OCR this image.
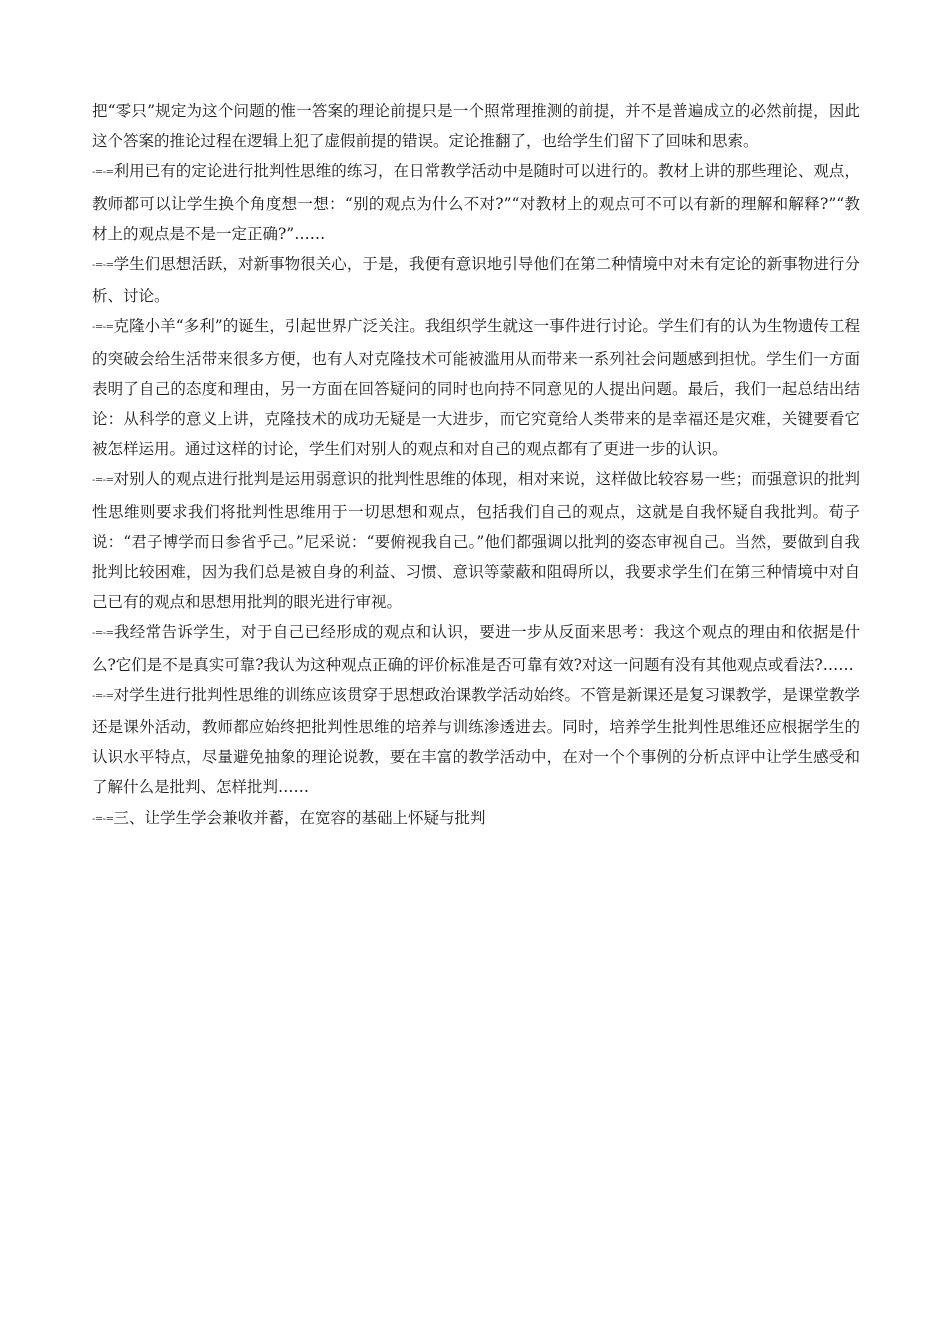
把“零只”规定为这个问题的惟一答案的理论前提只是一个照常理推测的前提，并不是普遍成立的必然前提，因此这个答案的推论过程在逻辑上犯了虚假前提的错误。定论推翻了，也给学生们留下了回味和思索。

-=-=利用已有的定论进行批判性思维的练习，在日常教学活动中是随时可以进行的。教材上讲的那些理论、观点，教师都可以让学生换个角度想一想：“别的观点为什么不对?”“对教材上的观点可不可以有新的理解和解释?”“教材上的观点是不是一定正确?”……

-=-=学生们思想活跃，对新事物很关心，于是，我便有意识地引导他们在第二种情境中对未有定论的新事物进行分析、讨论。

-=-=克隆小羊“多利”的诞生，引起世界广泛关注。我组织学生就这一事件进行讨论。学生们有的认为生物遗传工程的突破会给生活带来很多方便，也有人对克隆技术可能被滥用从而带来一系列社会问题感到担忧。学生们一方面表明了自己的态度和理由，另一方面在回答疑问的同时也向持不同意见的人提出问题。最后，我们一起总结出结论：从科学的意义上讲，克隆技术的成功无疑是一大进步，而它究竟给人类带来的是幸福还是灾难，关键要看它被怎样运用。通过这样的讨论，学生们对别人的观点和对自己的观点都有了更进一步的认识。

-=-=对别人的观点进行批判是运用弱意识的批判性思维的体现，相对来说，这样做比较容易一些；而强意识的批判性思维则要求我们将批判性思维用于一切思想和观点，包括我们自己的观点，这就是自我怀疑自我批判。荀子说：“君子博学而日参省乎己。”尼采说：“要俯视我自己。”他们都强调以批判的姿态审视自己。当然，要做到自我批判比较困难，因为我们总是被自身的利益、习惯、意识等蒙蔽和阻碍所以，我要求学生们在第三种情境中对自己已有的观点和思想用批判的眼光进行审视。

-=-=我经常告诉学生，对于自己已经形成的观点和认识，要进一步从反面来思考：我这个观点的理由和依据是什么?它们是不是真实可靠?我认为这种观点正确的评价标准是否可靠有效?对这一问题有没有其他观点或看法?……

-=-=对学生进行批判性思维的训练应该贯穿于思想政治课教学活动始终。不管是新课还是复习课教学，是课堂教学还是课外活动，教师都应始终把批判性思维的培养与训练渗透进去。同时，培养学生批判性思维还应根据学生的认识水平特点，尽量避免抽象的理论说教，要在丰富的教学活动中，在对一个个事例的分析点评中让学生感受和了解什么是批判、怎样批判……

-=-=三、让学生学会兼收并蓄，在宽容的基础上怀疑与批判
